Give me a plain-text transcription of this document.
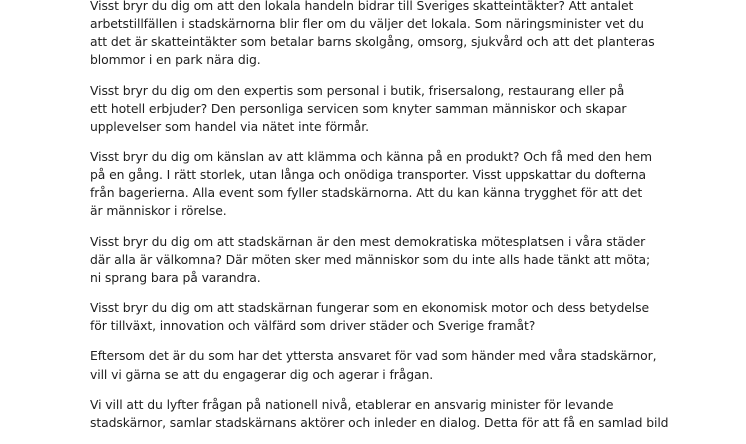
Visst bryr du dig om att den lokala handeln bidrar till Sveriges skatteintäkter? Att antalet
arbetstillfällen i stadskärnorna blir fler om du väljer det lokala. Som näringsminister vet du
att det är skatteintäkter som betalar barns skolgång, omsorg, sjukvård och att det planteras
blommor i en park nära dig.

Visst bryr du dig om den expertis som personal i butik, frisersalong, restaurang eller på
ett hotell erbjuder? Den personliga servicen som knyter samman människor och skapar
upplevelser som handel via nätet inte förmår.

Visst bryr du dig om känslan av att klämma och känna på en produkt? Och få med den hem
på en gång. I rätt storlek, utan långa och onödiga transporter. Visst uppskattar du dofterna
från bagerierna. Alla event som fyller stadskärnorna. Att du kan känna trygghet för att det
är människor i rörelse.

Visst bryr du dig om att stadskärnan är den mest demokratiska mötesplatsen i våra städer
där alla är välkomna? Där möten sker med människor som du inte alls hade tänkt att möta;
ni sprang bara på varandra.

Visst bryr du dig om att stadskärnan fungerar som en ekonomisk motor och dess betydelse
för tillväxt, innovation och välfärd som driver städer och Sverige framåt?

Eftersom det är du som har det yttersta ansvaret för vad som händer med våra stadskärnor,
vill vi gärna se att du engagerar dig och agerar i frågan.

Vi vill att du lyfter frågan på nationell nivå, etablerar en ansvarig minister för levande
stadskärnor, samlar stadskärnans aktörer och inleder en dialog. Detta för att få en samlad bild
